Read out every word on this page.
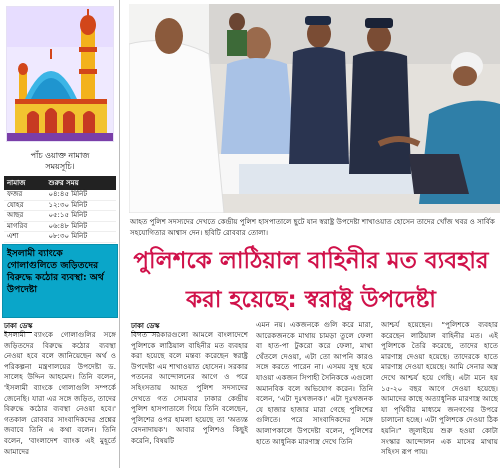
পাঁচ ওয়াক্ত নামাজ
সময়সূচি।
নামাজ	শুরুর সময়
ফজর	০৪:৪৫ মিনিট
যোহর	১২:৩০ মিনিট
আছর	০৫:১৫ মিনিট
মাগরিব	০৬:৪৮ মিনিট
এশা	০৮:৩০ মিনিট
ইসলামী ব্যাংকে গোলাগুলিতে জড়িতদের বিরুদ্ধে কঠোর ব্যবস্থা: অর্থ উপদেষ্টা
ঢাকা ডেস্ক
ইসলামী ব্যাংকে গোলাগুলির সঙ্গে জড়িতদের বিরুদ্ধে কঠোর ব্যবস্থা নেওয়া হবে বলে জানিয়েছেন অর্থ ও পরিকল্পনা মন্ত্রণালয়ের উপদেষ্টা ড. সালেহ উদ্দিন আহমেদ। তিনি বলেন, 'ইসলামী ব্যাংকে গোলাগুলি সম্পর্কে জেনেছি। যারা এর সঙ্গে জড়িত, তাদের বিরুদ্ধে কঠোর ব্যবস্থা নেওয়া হবে।' গতকাল রোববার সাংবাদিকদের প্রশ্নের জবাবে তিনি এ কথা বলেন। তিনি বলেন, 'বাংলাদেশ ব্যাংক এই মুহূর্তে আমাদের
আহত পুলিশ সদস্যদের দেখতে কেন্দ্রীয় পুলিশ হাসপাতালে ছুটে যান স্বরাষ্ট্র উপদেষ্টা শাখাওয়াত হোসেন তাদের খোঁজ খবর ও সার্বিক সহযোগিতার আশ্বাস দেন। ছবিটি রোববার তোলা।
পুলিশকে লাঠিয়াল বাহিনীর মত ব্যবহার
করা হয়েছে: স্বরাষ্ট্র উপদেষ্টা
ঢাকা ডেস্ক
বিগত সরকারগুলো আমলে বাংলাদেশে পুলিশকে লাঠিয়াল বাহিনীর মত ব্যবহার করা হয়েছে বলে মন্তব্য করেছেন স্বরাষ্ট্র উপদেষ্টা এম শাখাওয়াত হোসেন। সরকার পতনের আন্দোলনের আগে ও পরে সহিংসতায় আহত পুলিশ সদস্যদের দেখতে গত সোমবার ঢাকার কেন্দ্রীয় পুলিশ হাসপাতালে গিয়ে তিনি বলেছেন, পুলিশের ওপর হামলা হয়েছে তা 'অত্যন্ত বেদনাদায়ক'। আবার পুলিশও কিছুই করেনি, বিষয়টি
এমন নয়। একজনকে গুলি করে মারা, আরেকজনকে মাথায় চামড়া তুলে ফেলা বা হাত-পা টুকরো করে ফেলা, মাথা থেঁতলে দেওয়া, এটা তো আপনি কারও সঙ্গে করতে পারেন না। এসময় সুস্থ হয়ে যাওয়া একজন সিপাহী সৈনিককে এগুলো অমানবিক বলে অভিযোগ করেন। তিনি বলেন, ‘এটা দুঃখজনক।’ এটা দুঃখজনক যে হাজার হাজার মারা গেছে পুলিশের গুলিতে। পরে সাংবাদিকদের সঙ্গে আলাপকালে উপদেষ্টা বলেন, পুলিশের হাতে আধুনিক মারণাস্ত্র দেখে তিনি
আশ্চর্য হয়েছেন। “পুলিশকে ব্যবহার করেছেন লাঠিয়াল বাহিনীর মত। এই পুলিশকে তৈরি করেছে, তাদের হাতে মারণাস্ত্র দেওয়া হয়েছে। তাদেরকে হাতে মারণাস্ত্র দেওয়া হয়েছে। আমি সেনার অস্ত্র দেখে আশ্চর্য হয়ে গেছি। এটা মনে হয় ১৫-২০ বছর আগে দেওয়া হয়েছে। আমাদের কাছে অত্যাধুনিক মারণাস্ত্র আছে যা পৃথিবীর মাধ্যমে জনগণের উপরে চালানো হচ্ছে। এটা পুলিশকে দেওয়া ঠিক হয়নি।” জুলাইয়ে শুরু হওয়া কোটা সংস্কার আন্দোলন এক মাসের মাথায় সহিংস রূপ পায়।
